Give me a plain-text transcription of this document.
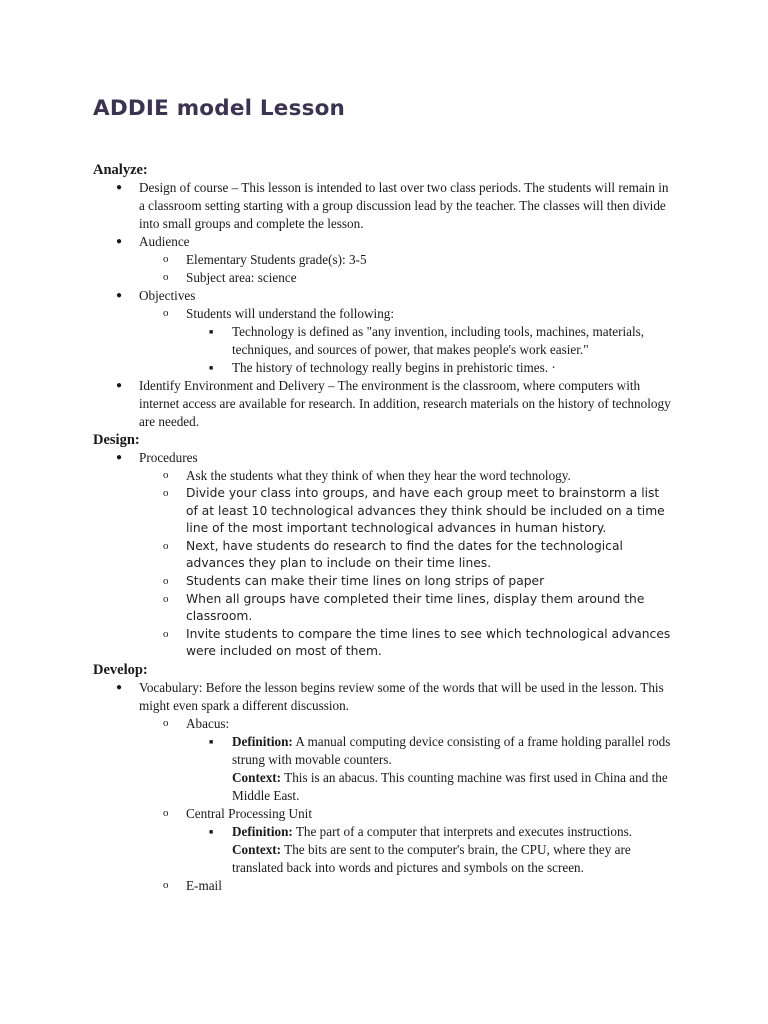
ADDIE model Lesson
Analyze:
● Design of course – This lesson is intended to last over two class periods. The students will remain in a classroom setting starting with a group discussion lead by the teacher. The classes will then divide into small groups and complete the lesson.
● Audience
o Elementary Students grade(s): 3-5
o Subject area: science
● Objectives
o Students will understand the following:
■ Technology is defined as "any invention, including tools, machines, materials, techniques, and sources of power, that makes people's work easier."
■ The history of technology really begins in prehistoric times. ·
● Identify Environment and Delivery – The environment is the classroom, where computers with internet access are available for research. In addition, research materials on the history of technology are needed.
Design:
● Procedures
o Ask the students what they think of when they hear the word technology.
o Divide your class into groups, and have each group meet to brainstorm a list of at least 10 technological advances they think should be included on a time line of the most important technological advances in human history.
o Next, have students do research to find the dates for the technological advances they plan to include on their time lines.
o Students can make their time lines on long strips of paper
o When all groups have completed their time lines, display them around the classroom.
o Invite students to compare the time lines to see which technological advances were included on most of them.
Develop:
● Vocabulary: Before the lesson begins review some of the words that will be used in the lesson. This might even spark a different discussion.
o Abacus:
■ Definition: A manual computing device consisting of a frame holding parallel rods strung with movable counters.
Context: This is an abacus. This counting machine was first used in China and the Middle East.
o Central Processing Unit
■ Definition: The part of a computer that interprets and executes instructions.
Context: The bits are sent to the computer's brain, the CPU, where they are translated back into words and pictures and symbols on the screen.
o E-mail
